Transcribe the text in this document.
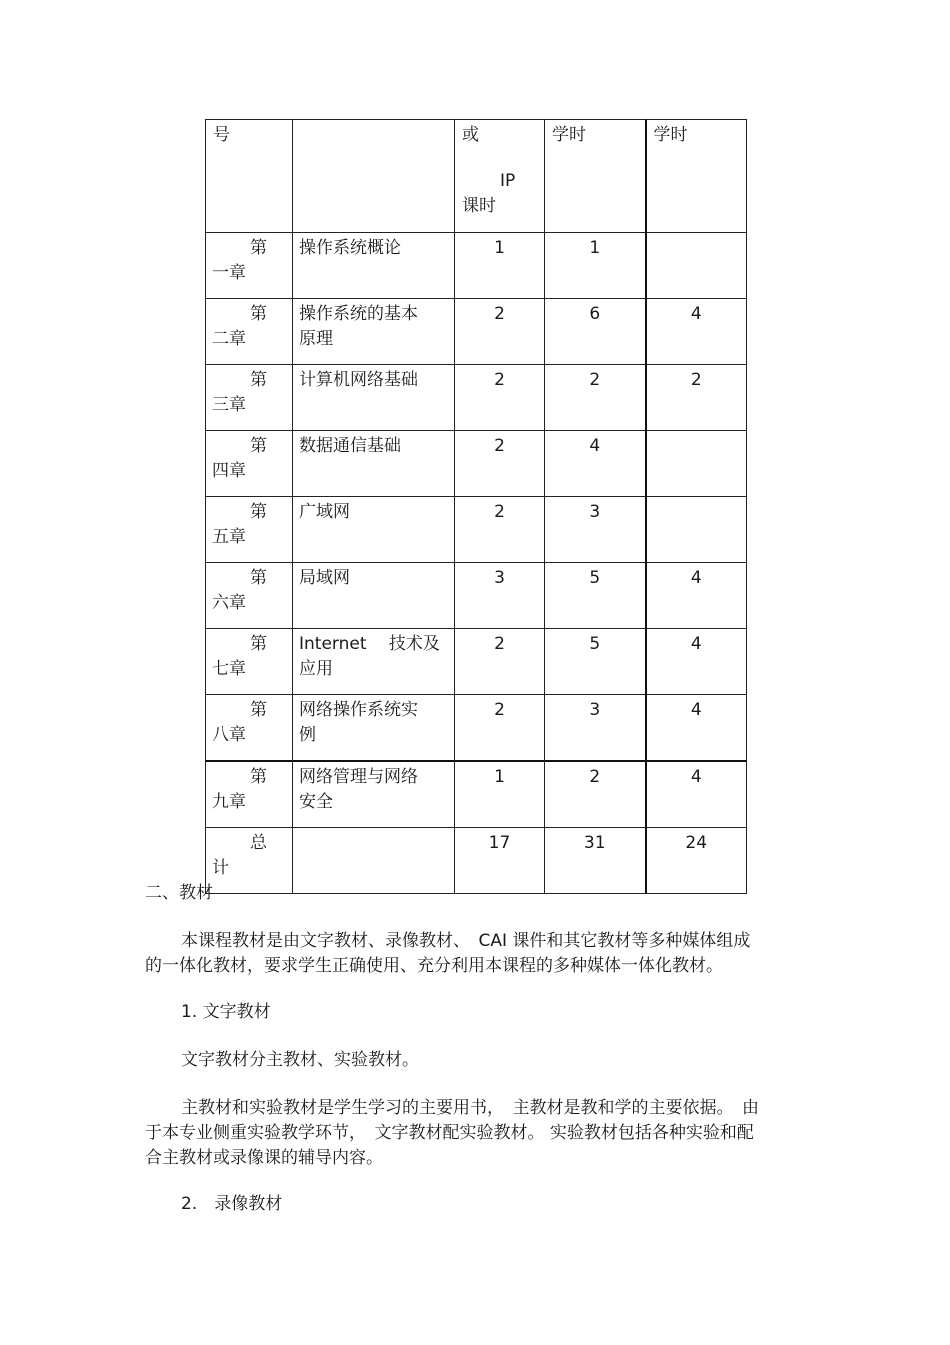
号		或
IP
课时	学时	学时

第
一章	操作系统概论	1	1	

第
二章	操作系统的基本
原理	2	6	4

第
三章	计算机网络基础	2	2	2

第
四章	数据通信基础	2	4	

第
五章	广域网	2	3	

第
六章	局域网	3	5	4

第
七章	Internet　 技术及
应用	2	5	4

第
八章	网络操作系统实
例	2	3	4

第
九章	网络管理与网络
安全	1	2	4

总
计		17	31	24

二、教材

本课程教材是由文字教材、录像教材、　CAI 课件和其它教材等多种媒体组成

的一体化教材，要求学生正确使用、充分利用本课程的多种媒体一体化教材。

1. 文字教材

文字教材分主教材、实验教材。

主教材和实验教材是学生学习的主要用书，　主教材是教和学的主要依据。　由

于本专业侧重实验教学环节，　文字教材配实验教材。 实验教材包括各种实验和配

合主教材或录像课的辅导内容。

2.　录像教材
